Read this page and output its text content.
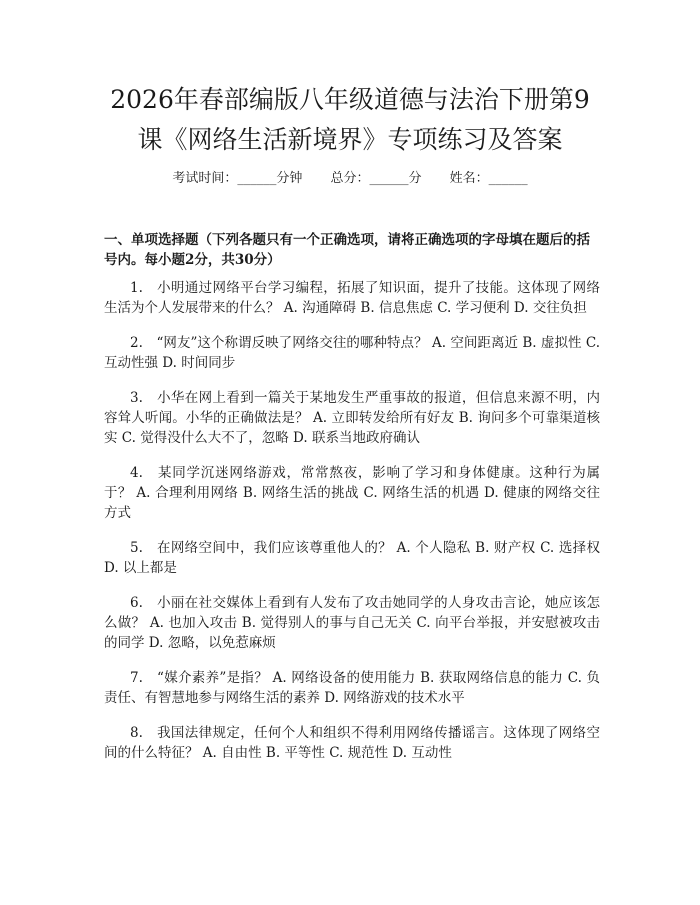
2026年春部编版八年级道德与法治下册第9
课《网络生活新境界》专项练习及答案
考试时间：______分钟 总分：______分 姓名：______

一、单项选择题（下列各题只有一个正确选项，请将正确选项的字母填在题后的括号内。每小题2分，共30分）

1.　小明通过网络平台学习编程，拓展了知识面，提升了技能。这体现了网络生活为个人发展带来的什么？ A. 沟通障碍 B. 信息焦虑 C. 学习便利 D. 交往负担
2.　“网友”这个称谓反映了网络交往的哪种特点？ A. 空间距离近 B. 虚拟性 C. 互动性强 D. 时间同步
3.　小华在网上看到一篇关于某地发生严重事故的报道，但信息来源不明，内容耸人听闻。小华的正确做法是？ A. 立即转发给所有好友 B. 询问多个可靠渠道核实 C. 觉得没什么大不了，忽略 D. 联系当地政府确认
4.　某同学沉迷网络游戏，常常熬夜，影响了学习和身体健康。这种行为属于？ A. 合理利用网络 B. 网络生活的挑战 C. 网络生活的机遇 D. 健康的网络交往方式
5.　在网络空间中，我们应该尊重他人的？ A. 个人隐私 B. 财产权 C. 选择权 D. 以上都是
6.　小丽在社交媒体上看到有人发布了攻击她同学的人身攻击言论，她应该怎么做？ A. 也加入攻击 B. 觉得别人的事与自己无关 C. 向平台举报，并安慰被攻击的同学 D. 忽略，以免惹麻烦
7.　“媒介素养”是指？ A. 网络设备的使用能力 B. 获取网络信息的能力 C. 负责任、有智慧地参与网络生活的素养 D. 网络游戏的技术水平
8.　我国法律规定，任何个人和组织不得利用网络传播谣言。这体现了网络空间的什么特征？ A. 自由性 B. 平等性 C. 规范性 D. 互动性
